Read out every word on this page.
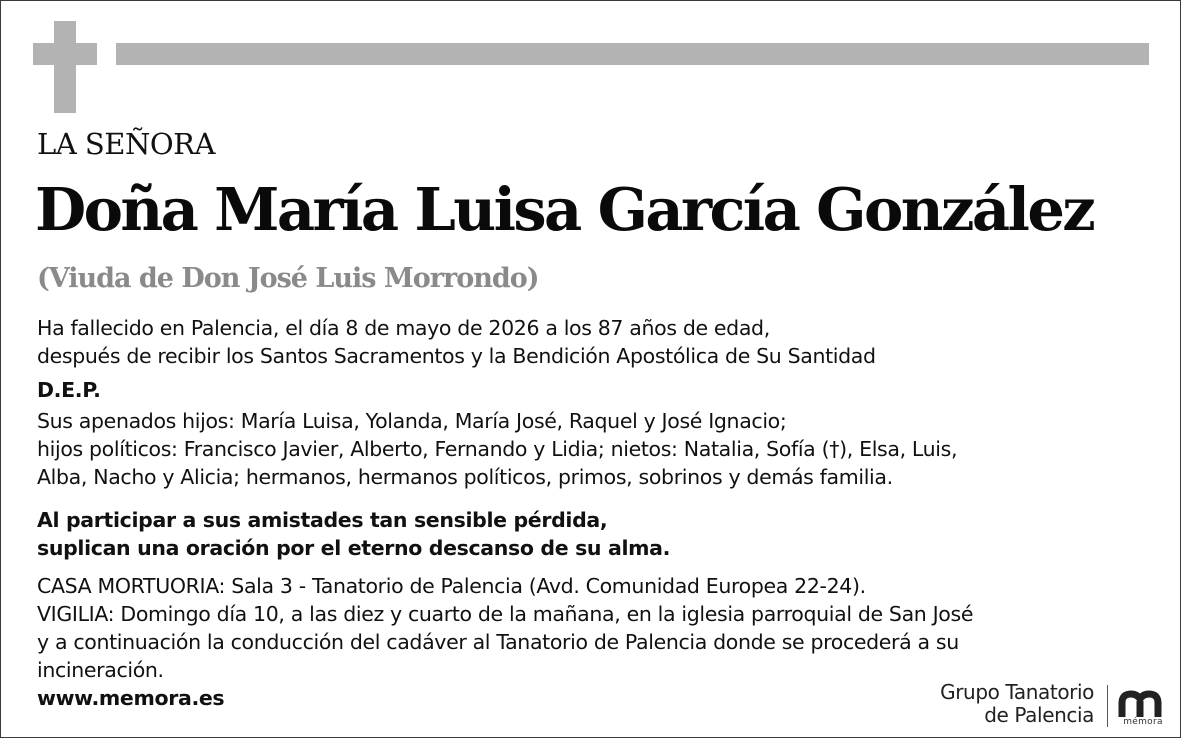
LA SEÑORA
Doña María Luisa García González
(Viuda de Don José Luis Morrondo)
Ha fallecido en Palencia, el día 8 de mayo de 2026 a los 87 años de edad,
después de recibir los Santos Sacramentos y la Bendición Apostólica de Su Santidad
D.E.P.
Sus apenados hijos: María Luisa, Yolanda, María José, Raquel y José Ignacio;
hijos políticos: Francisco Javier, Alberto, Fernando y Lidia; nietos: Natalia, Sofía (†), Elsa, Luis,
Alba, Nacho y Alicia; hermanos, hermanos políticos, primos, sobrinos y demás familia.
Al participar a sus amistades tan sensible pérdida,
suplican una oración por el eterno descanso de su alma.
CASA MORTUORIA: Sala 3 - Tanatorio de Palencia (Avd. Comunidad Europea 22-24).
VIGILIA: Domingo día 10, a las diez y cuarto de la mañana, en la iglesia parroquial de San José
y a continuación la conducción del cadáver al Tanatorio de Palencia donde se procederá a su
incineración.
www.memora.es	Grupo Tanatorio
de Palencia	mémora
